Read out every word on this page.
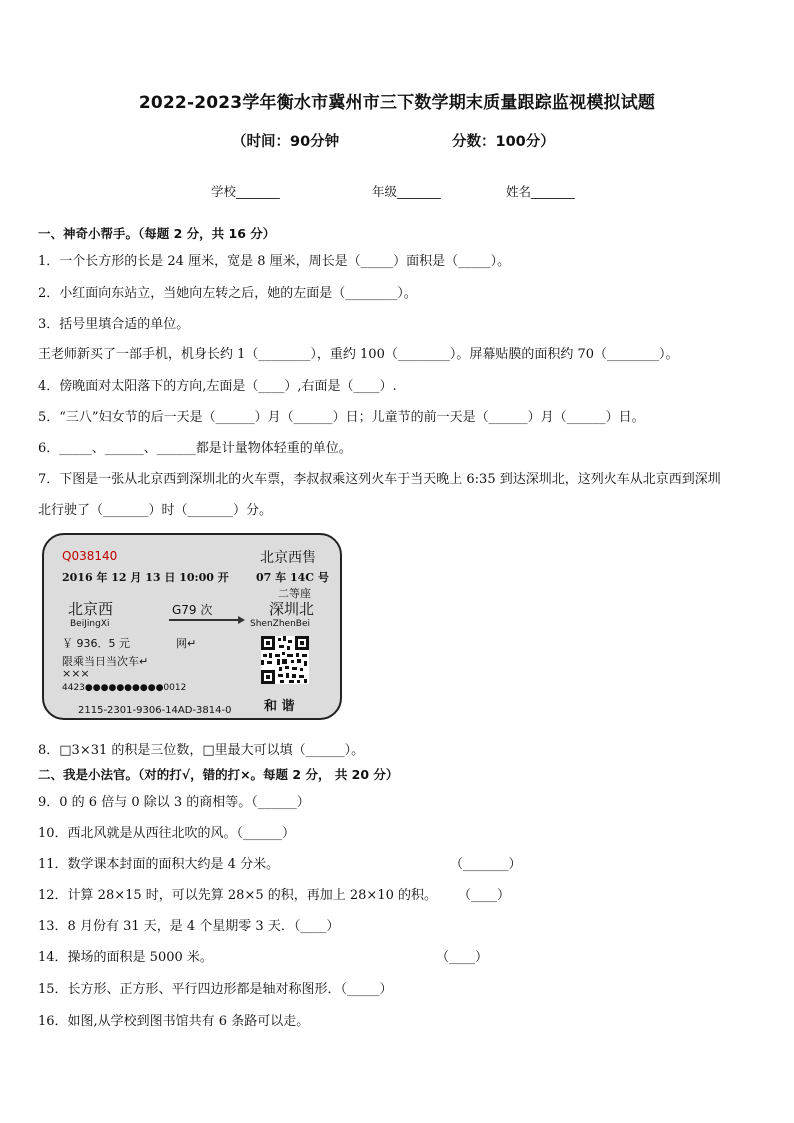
2022-2023学年衡水市冀州市三下数学期末质量跟踪监视模拟试题
（时间：90分钟	分数：100分）
学校_______	年级_______	姓名_______
一、神奇小帮手。（每题 2 分，共 16 分）
1．一个长方形的长是 24 厘米，宽是 8 厘米，周长是（_____）面积是（_____）。
2．小红面向东站立，当她向左转之后，她的左面是（________）。
3．括号里填合适的单位。
王老师新买了一部手机，机身长约 1（________），重约 100（________）。屏幕贴膜的面积约 70（________）。
4．傍晚面对太阳落下的方向,左面是（____）,右面是（____）.
5．“三八”妇女节的后一天是（______）月（______）日；儿童节的前一天是（______）月（______）日。
6．_____、______、______都是计量物体轻重的单位。
7．下图是一张从北京西到深圳北的火车票，李叔叔乘这列火车于当天晚上 6:35 到达深圳北，这列火车从北京西到深圳
北行驶了（_______）时（_______）分。
Q038140	北京西售
2016 年 12 月 13 日 10:00 开 07 车 14C 号
二等座
北京西	G79 次	深圳北
BeiJingXi	ShenZhenBei
￥ 936．5 元	网↵
限乘当日当次车↵
×××
4423●●●●●●●●●●0012
2115-2301-9306-14AD-3814-0	和 谐
8．□3×31 的积是三位数，□里最大可以填（______）。
二、我是小法官。（对的打√，错的打×。每题 2 分， 共 20 分）
9．0 的 6 倍与 0 除以 3 的商相等。（______）
10．西北风就是从西往北吹的风。（______）
11．数学课本封面的面积大约是 4 分米。	（_______）
12．计算 28×15 时，可以先算 28×5 的积，再加上 28×10 的积。 （____）
13．8 月份有 31 天，是 4 个星期零 3 天．（____）
14．操场的面积是 5000 米。	（____）
15．长方形、正方形、平行四边形都是轴对称图形．（_____）
16．如图,从学校到图书馆共有 6 条路可以走。
